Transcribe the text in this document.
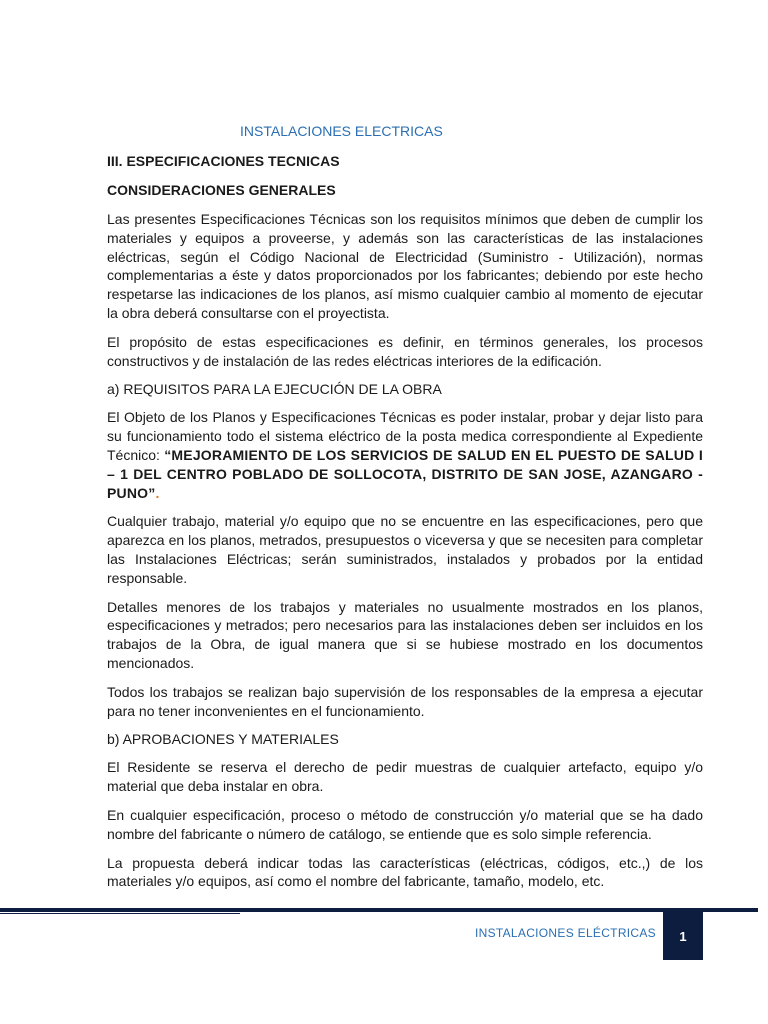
INSTALACIONES ELECTRICAS
III. ESPECIFICACIONES TECNICAS
CONSIDERACIONES GENERALES

Las presentes Especificaciones Técnicas son los requisitos mínimos que deben de cumplir los materiales y equipos a proveerse, y además son las características de las instalaciones eléctricas, según el Código Nacional de Electricidad (Suministro - Utilización), normas complementarias a éste y datos proporcionados por los fabricantes; debiendo por este hecho respetarse las indicaciones de los planos, así mismo cualquier cambio al momento de ejecutar la obra deberá consultarse con el proyectista.

El propósito de estas especificaciones es definir, en términos generales, los procesos constructivos y de instalación de las redes eléctricas interiores de la edificación.

a) REQUISITOS PARA LA EJECUCIÓN DE LA OBRA

El Objeto de los Planos y Especificaciones Técnicas es poder instalar, probar y dejar listo para su funcionamiento todo el sistema eléctrico de la posta medica correspondiente al Expediente Técnico: “MEJORAMIENTO DE LOS SERVICIOS DE SALUD EN EL PUESTO DE SALUD I – 1 DEL CENTRO POBLADO DE SOLLOCOTA, DISTRITO DE SAN JOSE, AZANGARO - PUNO”.

Cualquier trabajo, material y/o equipo que no se encuentre en las especificaciones, pero que aparezca en los planos, metrados, presupuestos o viceversa y que se necesiten para completar las Instalaciones Eléctricas; serán suministrados, instalados y probados por la entidad responsable.

Detalles menores de los trabajos y materiales no usualmente mostrados en los planos, especificaciones y metrados; pero necesarios para las instalaciones deben ser incluidos en los trabajos de la Obra, de igual manera que si se hubiese mostrado en los documentos mencionados.

Todos los trabajos se realizan bajo supervisión de los responsables de la empresa a ejecutar para no tener inconvenientes en el funcionamiento.

b) APROBACIONES Y MATERIALES

El Residente se reserva el derecho de pedir muestras de cualquier artefacto, equipo y/o material que deba instalar en obra.

En cualquier especificación, proceso o método de construcción y/o material que se ha dado nombre del fabricante o número de catálogo, se entiende que es solo simple referencia.

La propuesta deberá indicar todas las características (eléctricas, códigos, etc.,) de los materiales y/o equipos, así como el nombre del fabricante, tamaño, modelo, etc.

INSTALACIONES ELÉCTRICAS 1
